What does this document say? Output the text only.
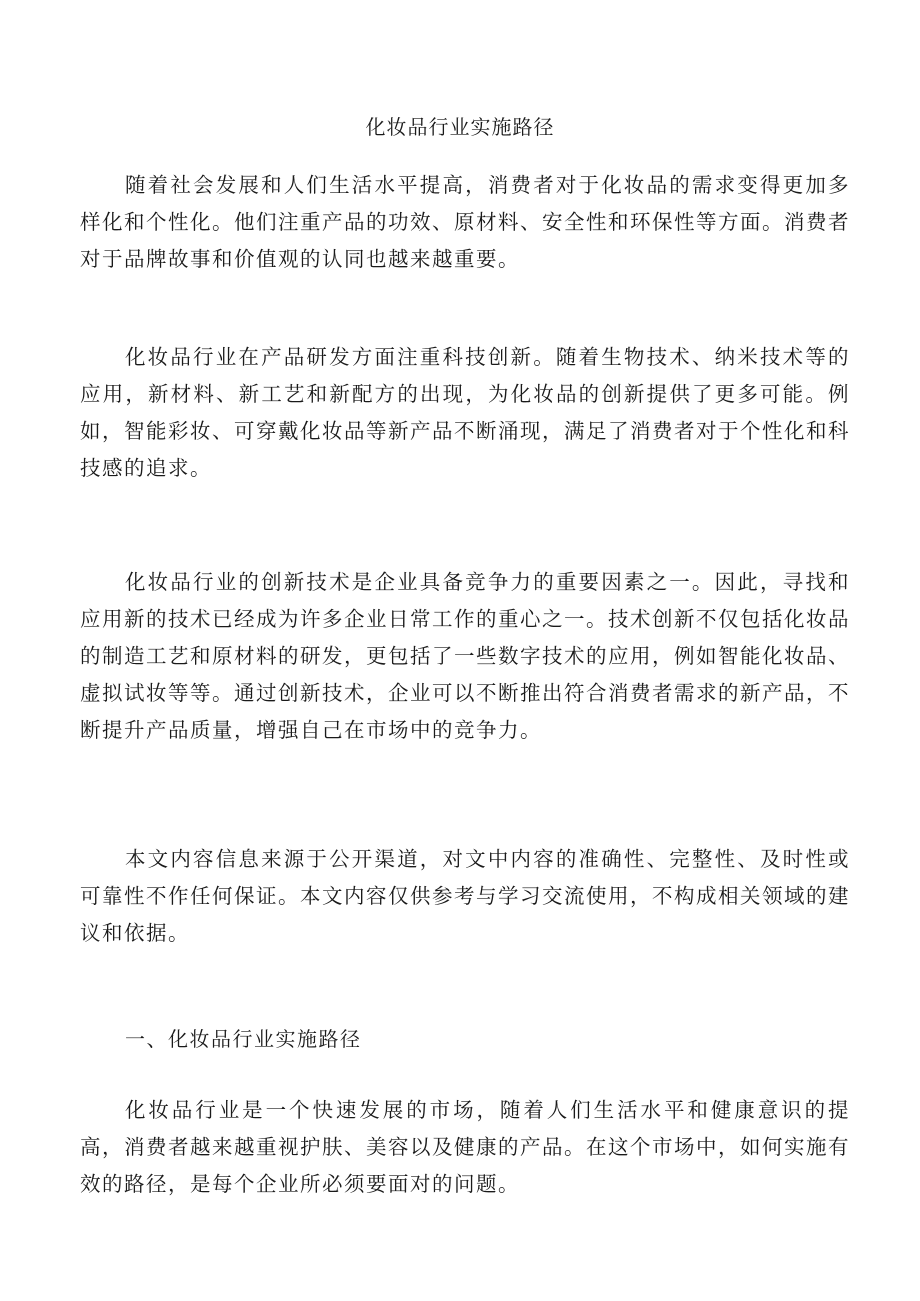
化妆品行业实施路径

随着社会发展和人们生活水平提高，消费者对于化妆品的需求变得更加多样化和个性化。他们注重产品的功效、原材料、安全性和环保性等方面。消费者对于品牌故事和价值观的认同也越来越重要。

化妆品行业在产品研发方面注重科技创新。随着生物技术、纳米技术等的应用，新材料、新工艺和新配方的出现，为化妆品的创新提供了更多可能。例如，智能彩妆、可穿戴化妆品等新产品不断涌现，满足了消费者对于个性化和科技感的追求。

化妆品行业的创新技术是企业具备竞争力的重要因素之一。因此，寻找和应用新的技术已经成为许多企业日常工作的重心之一。技术创新不仅包括化妆品的制造工艺和原材料的研发，更包括了一些数字技术的应用，例如智能化妆品、虚拟试妆等等。通过创新技术，企业可以不断推出符合消费者需求的新产品，不断提升产品质量，增强自己在市场中的竞争力。

本文内容信息来源于公开渠道，对文中内容的准确性、完整性、及时性或可靠性不作任何保证。本文内容仅供参考与学习交流使用，不构成相关领域的建议和依据。

一、化妆品行业实施路径

化妆品行业是一个快速发展的市场，随着人们生活水平和健康意识的提高，消费者越来越重视护肤、美容以及健康的产品。在这个市场中，如何实施有效的路径，是每个企业所必须要面对的问题。
